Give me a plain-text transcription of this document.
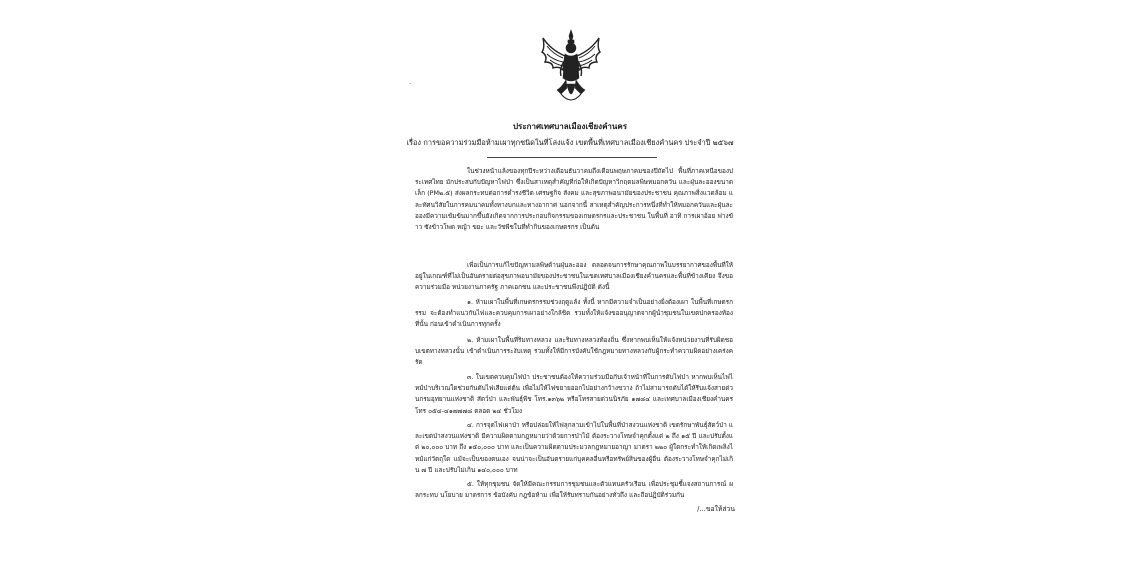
·
ประกาศเทศบาลเมืองเชียงคำนคร
เรื่อง การขอความร่วมมือห้ามเผาทุกชนิดในที่โล่งแจ้ง เขตพื้นที่เทศบาลเมืองเชียงคำนคร ประจำปี ๒๕๖๗
ในช่วงหน้าแล้งของทุกปีระหว่างเดือนธันวาคมถึงเดือนพฤษภาคมของปีถัดไป พื้นที่ภาคเหนือของประเทศไทย มักประสบกับปัญหาไฟป่า ซึ่งเป็นสาเหตุสำคัญที่ก่อให้เกิดปัญหาวิกฤตมลพิษหมอกควัน และฝุ่นละอองขนาดเล็ก (PM๒.๕) ส่งผลกระทบต่อการดำรงชีวิต เศรษฐกิจ สังคม และสุขภาพอนามัยของประชาชน คุณภาพสิ่งแวดล้อม และทัศนวิสัยในการคมนาคมทั้งทางบกและทางอากาศ นอกจากนี้ สาเหตุสำคัญประการหนึ่งที่ทำให้หมอกควันและฝุ่นละอองมีความเข้มข้นมากขึ้นยังเกิดจากการประกอบกิจกรรมของเกษตรกรและประชาชน ในพื้นที่ อาทิ การเผาอ้อย ฟางข้าว ซังข้าวโพด หญ้า ขยะ และวัชพืชในที่ทำกินของเกษตรกร เป็นต้น
เพื่อเป็นการแก้ไขปัญหามลพิษด้านฝุ่นละออง ตลอดจนการรักษาคุณภาพในบรรยากาศของพื้นที่ให้อยู่ในเกณฑ์ที่ไม่เป็นอันตรายต่อสุขภาพอนามัยของประชาชนในเขตเทศบาลเมืองเชียงคำนครและพื้นที่ข้างเคียง จึงขอความร่วมมือ หน่วยงานภาครัฐ ภาคเอกชน และประชาชนพึงปฏิบัติ ดังนี้
๑. ห้ามเผาในพื้นที่เกษตรกรรมช่วงฤดูแล้ง ทั้งนี้ หากมีความจำเป็นอย่างยิ่งต้องเผา ในพื้นที่เกษตรกรรม จะต้องทำแนวกันไฟและควบคุมการเผาอย่างใกล้ชิด รวมทั้งให้แจ้งขออนุญาตจากผู้นำชุมชนในเขตปกครองท้องที่นั้น ก่อนเข้าดำเนินการทุกครั้ง
๒. ห้ามเผาในพื้นที่ริมทางหลวง และริมทางหลวงท้องถิ่น ซึ่งหากพบเห็นให้แจ้งหน่วยงานที่รับผิดชอบเขตทางหลวงนั้น เข้าดำเนินการระงับเหตุ รวมทั้งให้มีการบังคับใช้กฎหมายทางหลวงกับผู้กระทำความผิดอย่างเคร่งครัด
๓. ในเขตควบคุมไฟป่า ประชาชนต้องให้ความร่วมมือกับเจ้าหน้าที่ในการดับไฟป่า หากพบเห็นไฟไหม้ป่าบริเวณใดช่วยกันดับไฟเสียแต่ต้น เพื่อไม่ให้ไฟขยายออกไปอย่างกว้างขวาง ถ้าไม่สามารถดับได้ให้รีบแจ้งสายด่วนกรมอุทยานแห่งชาติ สัตว์ป่า และพันธุ์พืช โทร.๑๓๖๒ หรือโทรสายด่วนนิรภัย ๑๗๘๔ และเทศบาลเมืองเชียงคำนคร โทร ๐๕๔-๔๑๗๗๗๘ ตลอด ๒๔ ชั่วโมง
๔. การจุดไฟเผาป่า หรือปล่อยให้ไฟลุกลามเข้าไปในพื้นที่ป่าสงวนแห่งชาติ เขตรักษาพันธุ์สัตว์ป่า และเขตป่าสงวนแห่งชาติ มีความผิดตามกฎหมายว่าด้วยการป่าไม้ ต้องระวางโทษจำคุกตั้งแต่ ๒ ถึง ๑๕ ปี และปรับตั้งแต่ ๒๐,๐๐๐ บาท ถึง ๑๕๐,๐๐๐ บาท และเป็นความผิดตามประมวลกฎหมายอาญา มาตรา ๒๒๐ ผู้ใดกระทำให้เกิดเพลิงไหม้แก่วัตถุใด แม้จะเป็นของตนเอง จนน่าจะเป็นอันตรายแก่บุคคลอื่นหรือทรัพย์สินของผู้อื่น ต้องระวางโทษจำคุกไม่เกิน ๗ ปี และปรับไม่เกิน ๑๔๐,๐๐๐ บาท
๕. ให้ทุกชุมชน จัดให้มีคณะกรรมการชุมชนและตัวแทนครัวเรือน เพื่อประชุมชี้แจงสถานการณ์ ผลกระทบ นโยบาย มาตรการ ข้อบังคับ กฎข้อห้าม เพื่อให้รับทราบกันอย่างทั่วถึง และถือปฏิบัติร่วมกัน
/...ขอให้ส่วน
